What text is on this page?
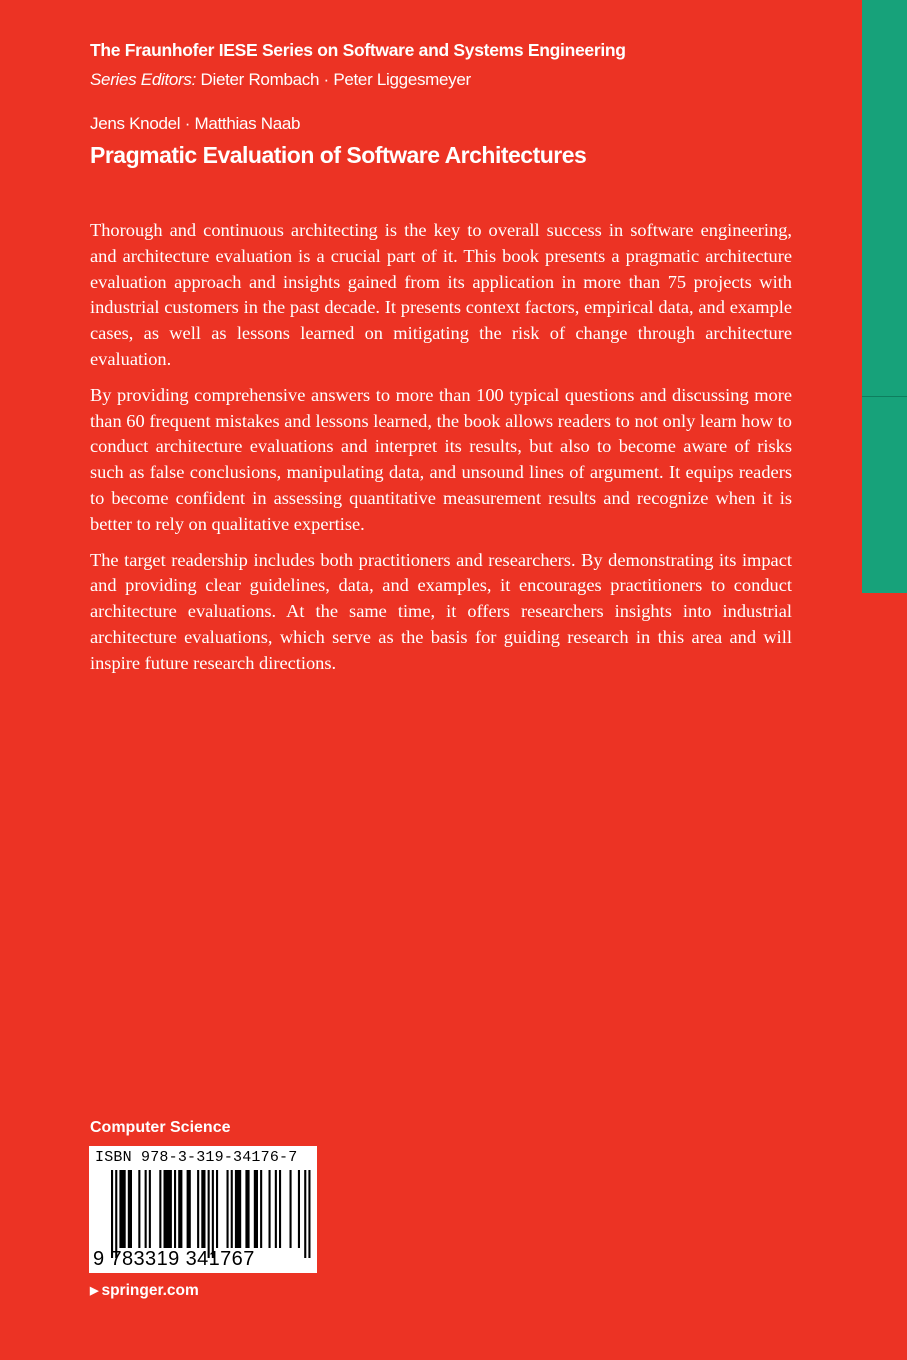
The Fraunhofer IESE Series on Software and Systems Engineering

Series Editors: Dieter Rombach · Peter Liggesmeyer

Jens Knodel · Matthias Naab

Pragmatic Evaluation of Software Architectures

Thorough and continuous architecting is the key to overall success in software engineering, and architecture evaluation is a crucial part of it. This book presents a pragmatic architecture evaluation approach and insights gained from its application in more than 75 projects with industrial customers in the past decade. It presents context factors, empirical data, and example cases, as well as lessons learned on mitigating the risk of change through architecture evaluation.

By providing comprehensive answers to more than 100 typical questions and discussing more than 60 frequent mistakes and lessons learned, the book allows readers to not only learn how to conduct architecture evaluations and interpret its results, but also to become aware of risks such as false conclusions, manipulating data, and unsound lines of argument. It equips readers to become confident in assessing quantitative measurement results and recognize when it is better to rely on qualitative expertise.

The target readership includes both practitioners and researchers. By demonstrating its impact and providing clear guidelines, data, and examples, it encourages practitioners to conduct architecture evaluations. At the same time, it offers researchers insights into industrial architecture evaluations, which serve as the basis for guiding research in this area and will inspire future research directions.

Computer Science

ISBN 978-3-319-34176-7

9 783319 341767

▶ springer.com
